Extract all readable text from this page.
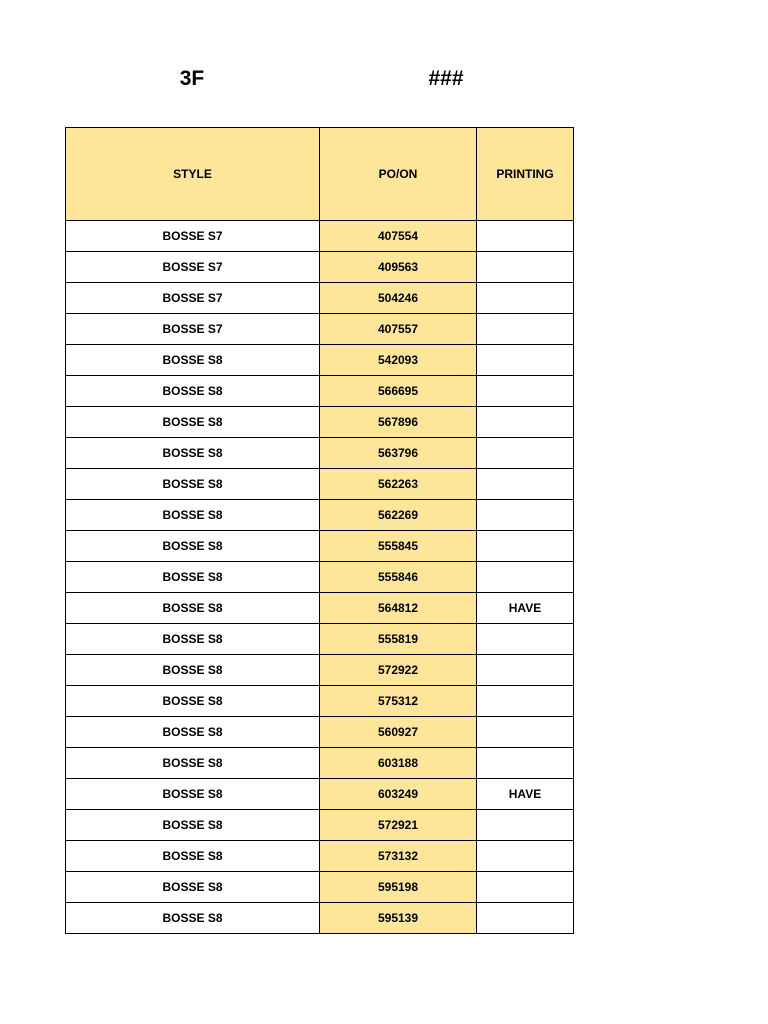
3F	###
STYLE	PO/ON	PRINTING
BOSSE S7	407554	
BOSSE S7	409563	
BOSSE S7	504246	
BOSSE S7	407557	
BOSSE S8	542093	
BOSSE S8	566695	
BOSSE S8	567896	
BOSSE S8	563796	
BOSSE S8	562263	
BOSSE S8	562269	
BOSSE S8	555845	
BOSSE S8	555846	
BOSSE S8	564812	HAVE
BOSSE S8	555819	
BOSSE S8	572922	
BOSSE S8	575312	
BOSSE S8	560927	
BOSSE S8	603188	
BOSSE S8	603249	HAVE
BOSSE S8	572921	
BOSSE S8	573132	
BOSSE S8	595198	
BOSSE S8	595139	
